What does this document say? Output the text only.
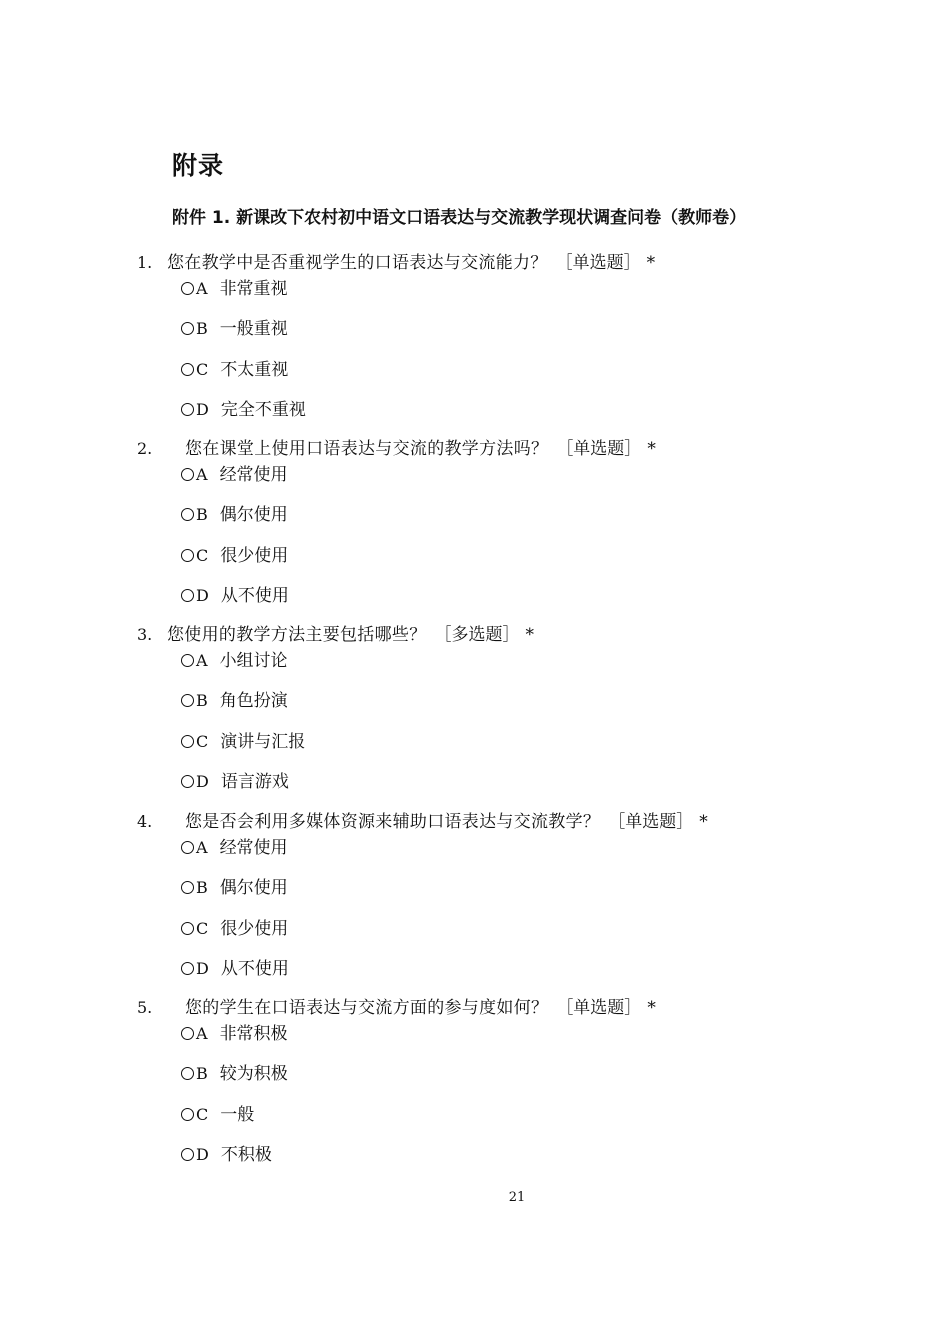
附录
附件 1. 新课改下农村初中语文口语表达与交流教学现状调查问卷（教师卷）
1. 您在教学中是否重视学生的口语表达与交流能力？ ［单选题］ *
A 非常重视
B 一般重视
C 不太重视
D 完全不重视
2. 您在课堂上使用口语表达与交流的教学方法吗？ ［单选题］ *
A 经常使用
B 偶尔使用
C 很少使用
D 从不使用
3. 您使用的教学方法主要包括哪些？ ［多选题］ *
A 小组讨论
B 角色扮演
C 演讲与汇报
D 语言游戏
4. 您是否会利用多媒体资源来辅助口语表达与交流教学？ ［单选题］ *
A 经常使用
B 偶尔使用
C 很少使用
D 从不使用
5. 您的学生在口语表达与交流方面的参与度如何？ ［单选题］ *
A 非常积极
B 较为积极
C 一般
D 不积极
21
